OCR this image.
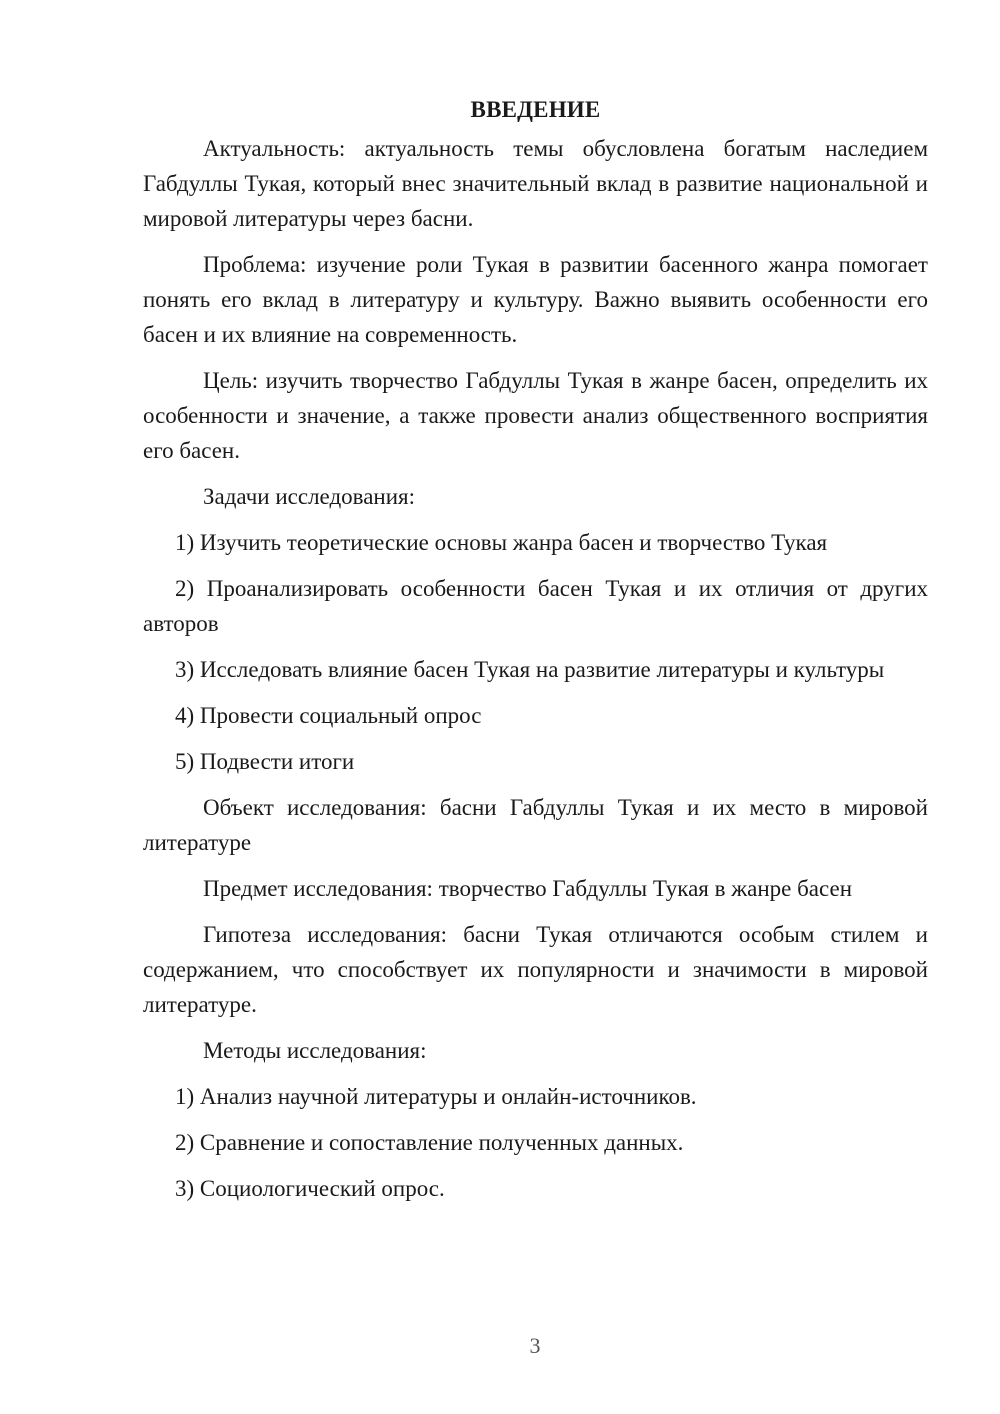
ВВЕДЕНИЕ

Актуальность: актуальность темы обусловлена богатым наследием Габдуллы Тукая, который внес значительный вклад в развитие национальной и мировой литературы через басни.

Проблема: изучение роли Тукая в развитии басенного жанра помогает понять его вклад в литературу и культуру. Важно выявить особенности его басен и их влияние на современность.

Цель: изучить творчество Габдуллы Тукая в жанре басен, определить их особенности и значение, а также провести анализ общественного восприятия его басен.

Задачи исследования:

1) Изучить теоретические основы жанра басен и творчество Тукая

2) Проанализировать особенности басен Тукая и их отличия от других авторов

3) Исследовать влияние басен Тукая на развитие литературы и культуры

4) Провести социальный опрос

5) Подвести итоги

Объект исследования: басни Габдуллы Тукая и их место в мировой литературе

Предмет исследования: творчество Габдуллы Тукая в жанре басен

Гипотеза исследования: басни Тукая отличаются особым стилем и содержанием, что способствует их популярности и значимости в мировой литературе.

Методы исследования:

1) Анализ научной литературы и онлайн-источников.

2) Сравнение и сопоставление полученных данных.

3) Социологический опрос.

3
